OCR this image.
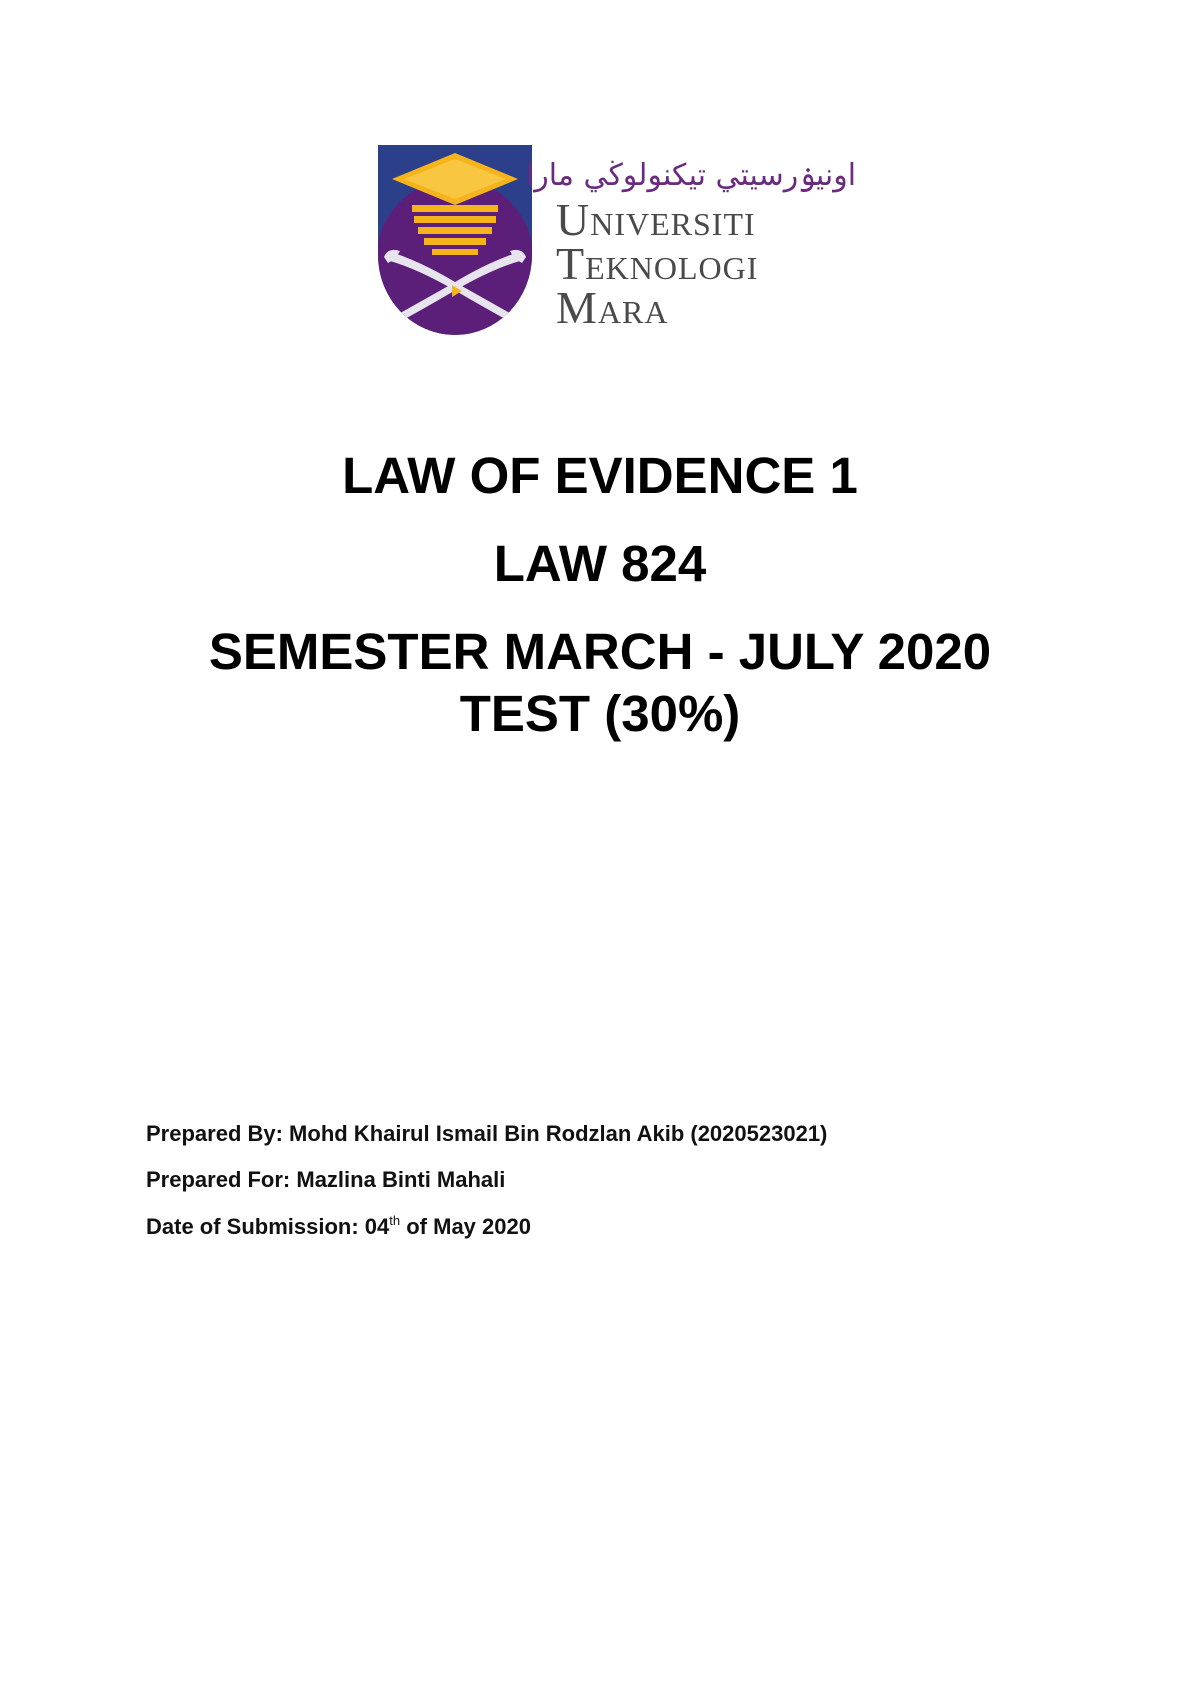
اونيۏرسيتي تيكنولوڬي مارا
Universiti
Teknologi
Mara
LAW OF EVIDENCE 1
LAW 824
SEMESTER MARCH - JULY 2020
TEST (30%)
Prepared By: Mohd Khairul Ismail Bin Rodzlan Akib (2020523021)
Prepared For: Mazlina Binti Mahali
Date of Submission: 04th of May 2020
